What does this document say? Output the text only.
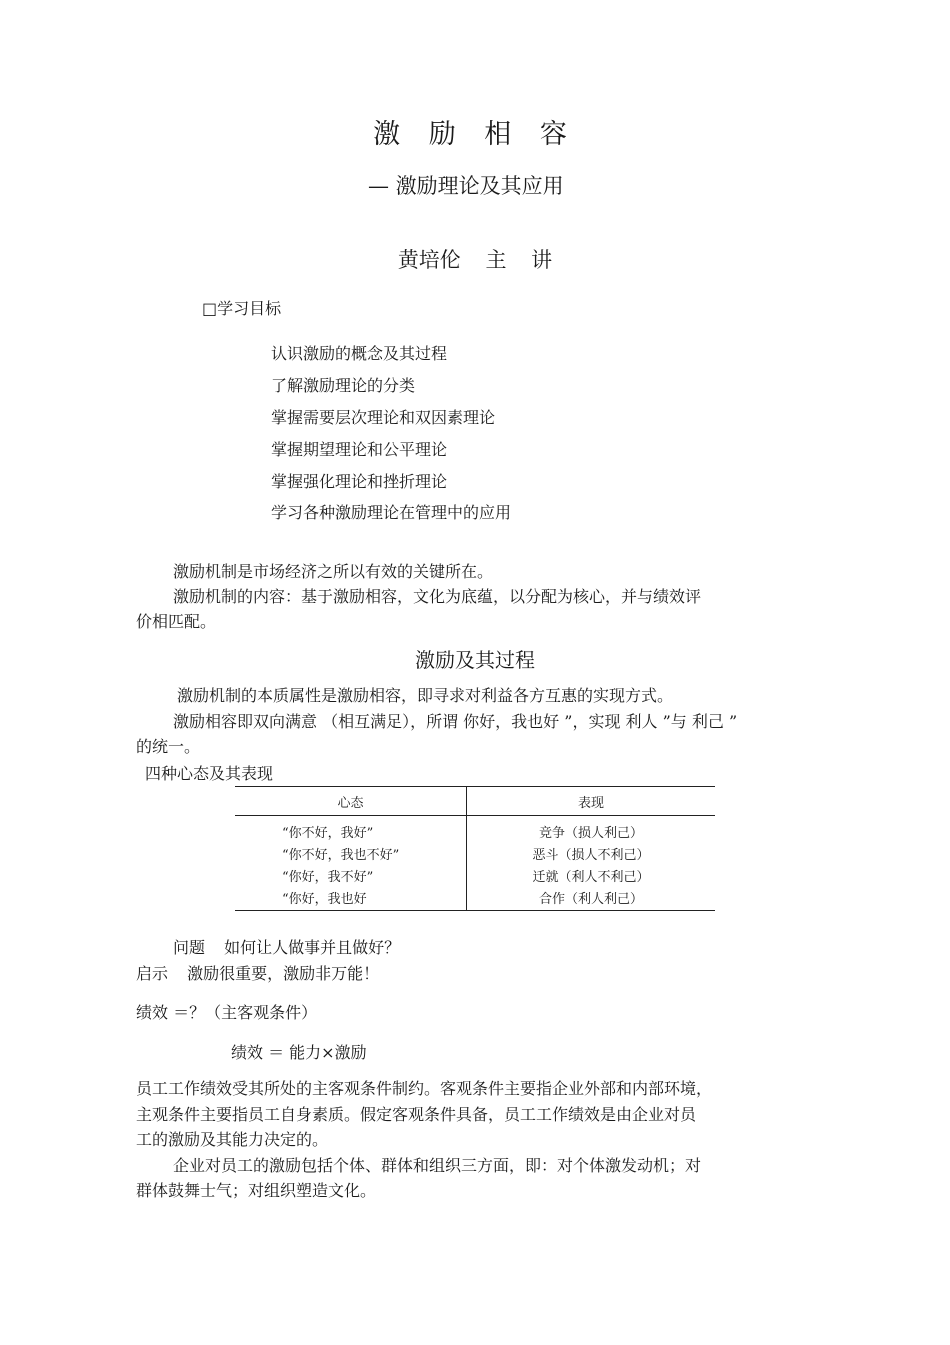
激 励 相 容
— 激励理论及其应用
黄培伦 主 讲
□学习目标
认识激励的概念及其过程
了解激励理论的分类
掌握需要层次理论和双因素理论
掌握期望理论和公平理论
掌握强化理论和挫折理论
学习各种激励理论在管理中的应用
激励机制是市场经济之所以有效的关键所在。
激励机制的内容：基于激励相容，文化为底蕴，以分配为核心，并与绩效评
价相匹配。
激励及其过程
激励机制的本质属性是激励相容，即寻求对利益各方互惠的实现方式。
激励相容即双向满意 （相互满足），所谓 你好，我也好 ”，实现 利人 ”与 利己 ”
的统一。
四种心态及其表现
心态	表现
“你不好，我好”	竞争（损人利己）
“你不好，我也不好”	恶斗（损人不利己）
“你好，我不好”	迁就（利人不利己）
“你好，我也好	合作（利人利己）
问题 如何让人做事并且做好？
启示 激励很重要，激励非万能！
绩效 ＝？（主客观条件）
绩效 ＝ 能力×激励
员工工作绩效受其所处的主客观条件制约。客观条件主要指企业外部和内部环境，
主观条件主要指员工自身素质。假定客观条件具备，员工工作绩效是由企业对员
工的激励及其能力决定的。
企业对员工的激励包括个体、群体和组织三方面，即：对个体激发动机；对
群体鼓舞士气；对组织塑造文化。
